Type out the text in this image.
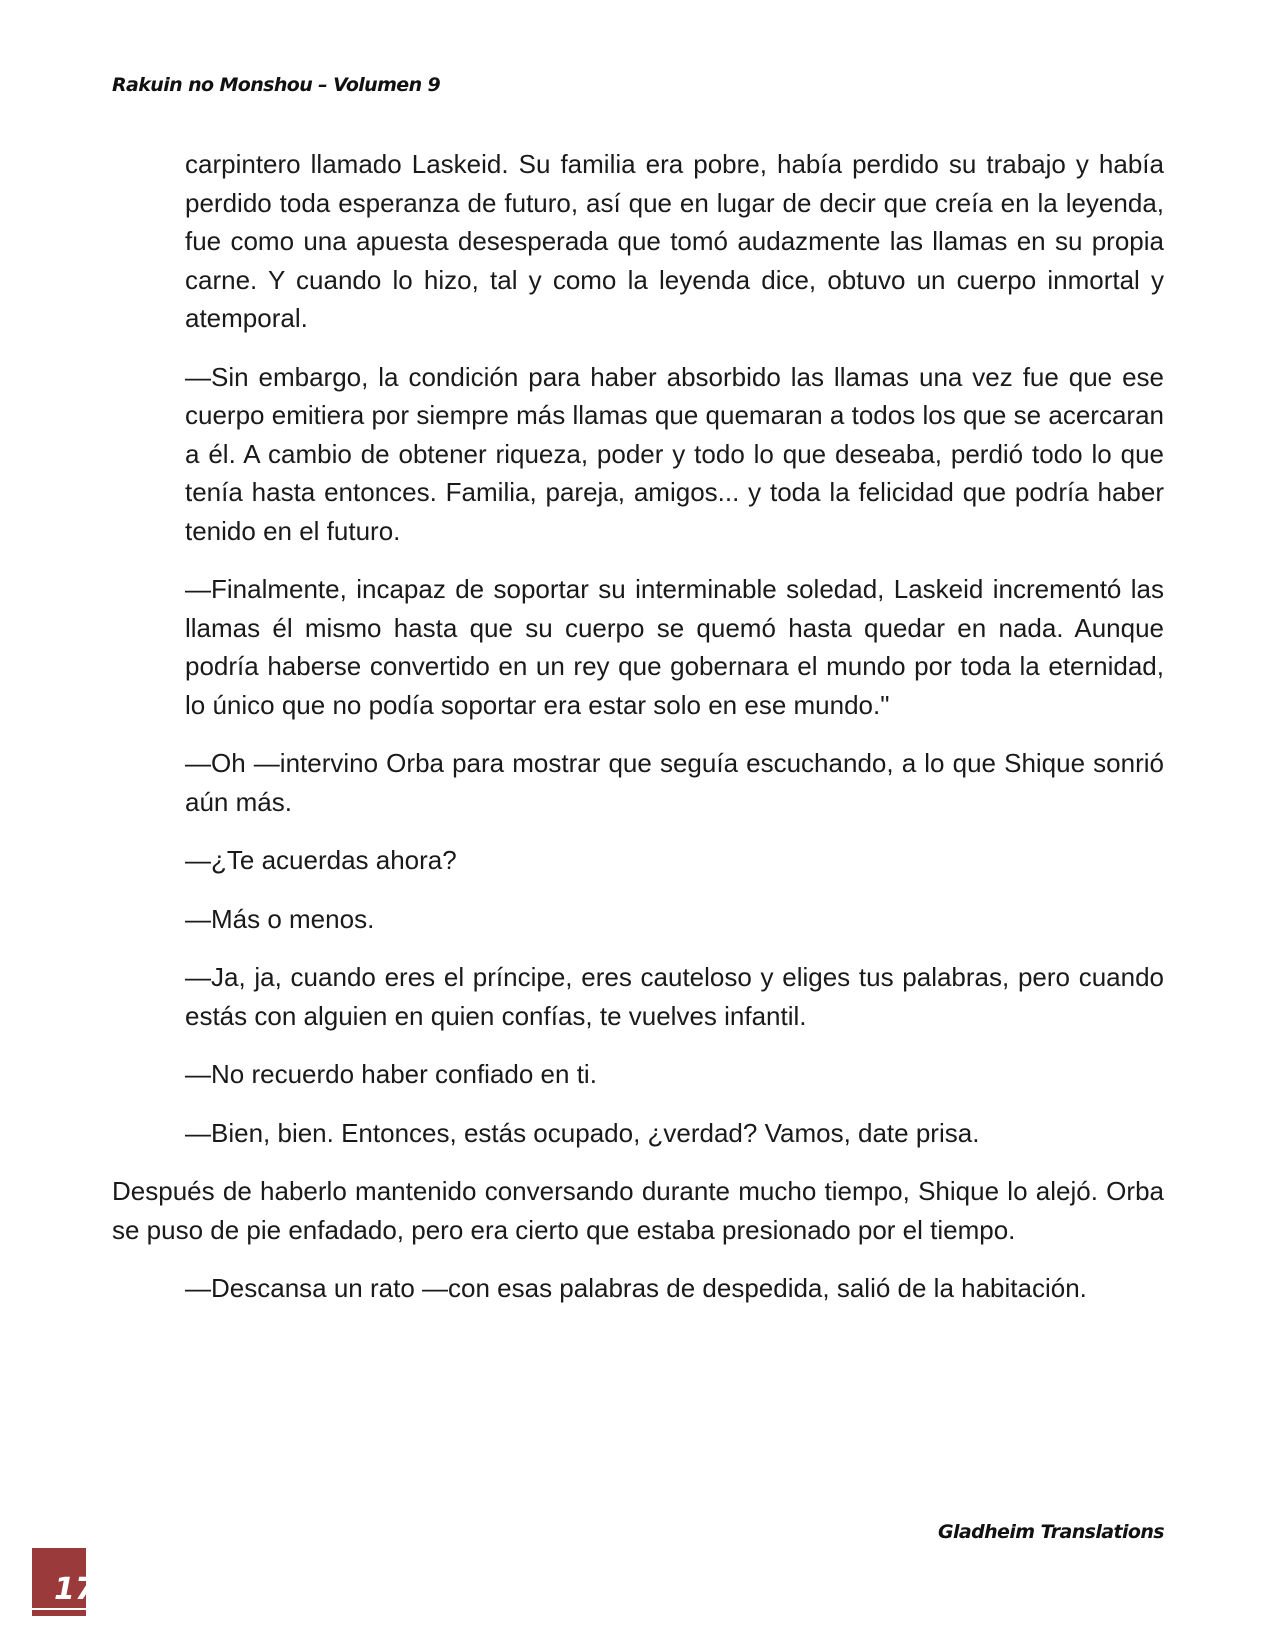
Rakuin no Monshou – Volumen 9

carpintero llamado Laskeid. Su familia era pobre, había perdido su trabajo y había perdido toda esperanza de futuro, así que en lugar de decir que creía en la leyenda, fue como una apuesta desesperada que tomó audazmente las llamas en su propia carne. Y cuando lo hizo, tal y como la leyenda dice, obtuvo un cuerpo inmortal y atemporal.

—Sin embargo, la condición para haber absorbido las llamas una vez fue que ese cuerpo emitiera por siempre más llamas que quemaran a todos los que se acercaran a él. A cambio de obtener riqueza, poder y todo lo que deseaba, perdió todo lo que tenía hasta entonces. Familia, pareja, amigos... y toda la felicidad que podría haber tenido en el futuro.

—Finalmente, incapaz de soportar su interminable soledad, Laskeid incrementó las llamas él mismo hasta que su cuerpo se quemó hasta quedar en nada. Aunque podría haberse convertido en un rey que gobernara el mundo por toda la eternidad, lo único que no podía soportar era estar solo en ese mundo."

—Oh —intervino Orba para mostrar que seguía escuchando, a lo que Shique sonrió aún más.

—¿Te acuerdas ahora?

—Más o menos.

—Ja, ja, cuando eres el príncipe, eres cauteloso y eliges tus palabras, pero cuando estás con alguien en quien confías, te vuelves infantil.

—No recuerdo haber confiado en ti.

—Bien, bien. Entonces, estás ocupado, ¿verdad? Vamos, date prisa.

Después de haberlo mantenido conversando durante mucho tiempo, Shique lo alejó. Orba se puso de pie enfadado, pero era cierto que estaba presionado por el tiempo.

—Descansa un rato —con esas palabras de despedida, salió de la habitación.

Gladheim Translations
17
